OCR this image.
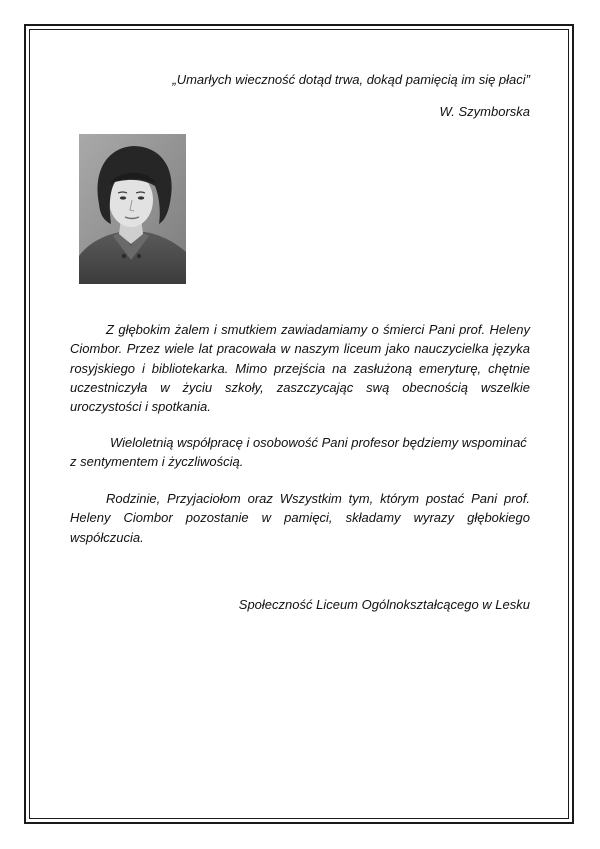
„Umarłych wieczność dotąd trwa, dokąd pamięcią im się płaci”
W. Szymborska

Z głębokim żalem i smutkiem zawiadamiamy o śmierci Pani prof. Heleny Ciombor. Przez wiele lat pracowała w naszym liceum jako nauczycielka języka rosyjskiego i bibliotekarka. Mimo przejścia na zasłużoną emeryturę, chętnie uczestniczyła w życiu szkoły, zaszczycając swą obecnością wszelkie uroczystości i spotkania.

Wieloletnią współpracę i osobowość Pani profesor będziemy wspominać z sentymentem i życzliwością.

Rodzinie, Przyjaciołom oraz Wszystkim tym, którym postać Pani prof. Heleny Ciombor pozostanie w pamięci, składamy wyrazy głębokiego współczucia.

Społeczność Liceum Ogólnokształcącego w Lesku
